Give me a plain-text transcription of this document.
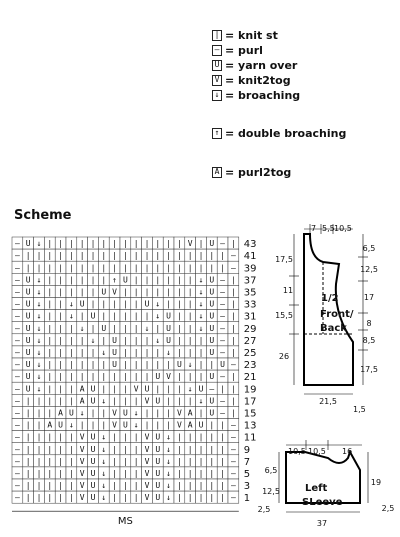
| = knit st
— = purl
U = yarn over
V = knit2tog
↓ = broaching
↑ = double broaching
A = purl2tog
Scheme
— U ↓ | | | | | | | | | | | | | V | U — | 43
— | | | | | | | | | | | | | | | | | | | — 41
— | | | | | | | | | | | | | | | | | | | — 39
— U ↓ | | | | | | ↑ U | | | | | | ↓ U — | 37
— U ↓ | | | | | U V | | | | | | | ↓ U — | 35
— U ↓ | | ↓ U | | | | | U ↓ | | | ↓ U — | 33
— U ↓ | | ↓ | U | | | | | ↓ U | | ↓ U — | 31
— U ↓ | | | ↓ | U | | | ↓ | U | | ↓ U — | 29
— U ↓ | | | | ↓ | U | | | ↓ U | | | U — | 27
— U ↓ | | | | | ↓ U | | | | ↓ | | | U — | 25
— U ↓ | | | | | | U | | | | | U ↓ | | U — 23
— U ↓ | | | | | | | | | | U V | | | U — | 21
— U ↓ | | | A U | | | V U | | | ↓ U — | | 19
— | | | | | A U ↓ | | | V U | | | ↓ U — | 17
— | | | A U ↓ | | V U ↓ | | | V A | U — | 15
— | | A U ↓ | | | V U ↓ | | | V A U | | — 13
— | | | | | V U ↓ | | | V U ↓ | | | | | — 11
— | | | | | V U ↓ | | | V U ↓ | | | | | — 9
— | | | | | V U ↓ | | | V U ↓ | | | | | — 7
— | | | | | V U ↓ | | | V U ↓ | | | | | — 5
— | | | | | V U ↓ | | | V U ↓ | | | | | — 3
— | | | | | V U ↓ | | | V U ↓ | | | | | — 1
MS
7 5,5 10,5
17,5
11
15,5
26
6,5
12,5
17
8
8,5
17,5
21,5
1,5
1/2
Front/
Back
10,5 10,5 16
6,5
12,5
2,5
19
2,5
37
Left
SLeeve
